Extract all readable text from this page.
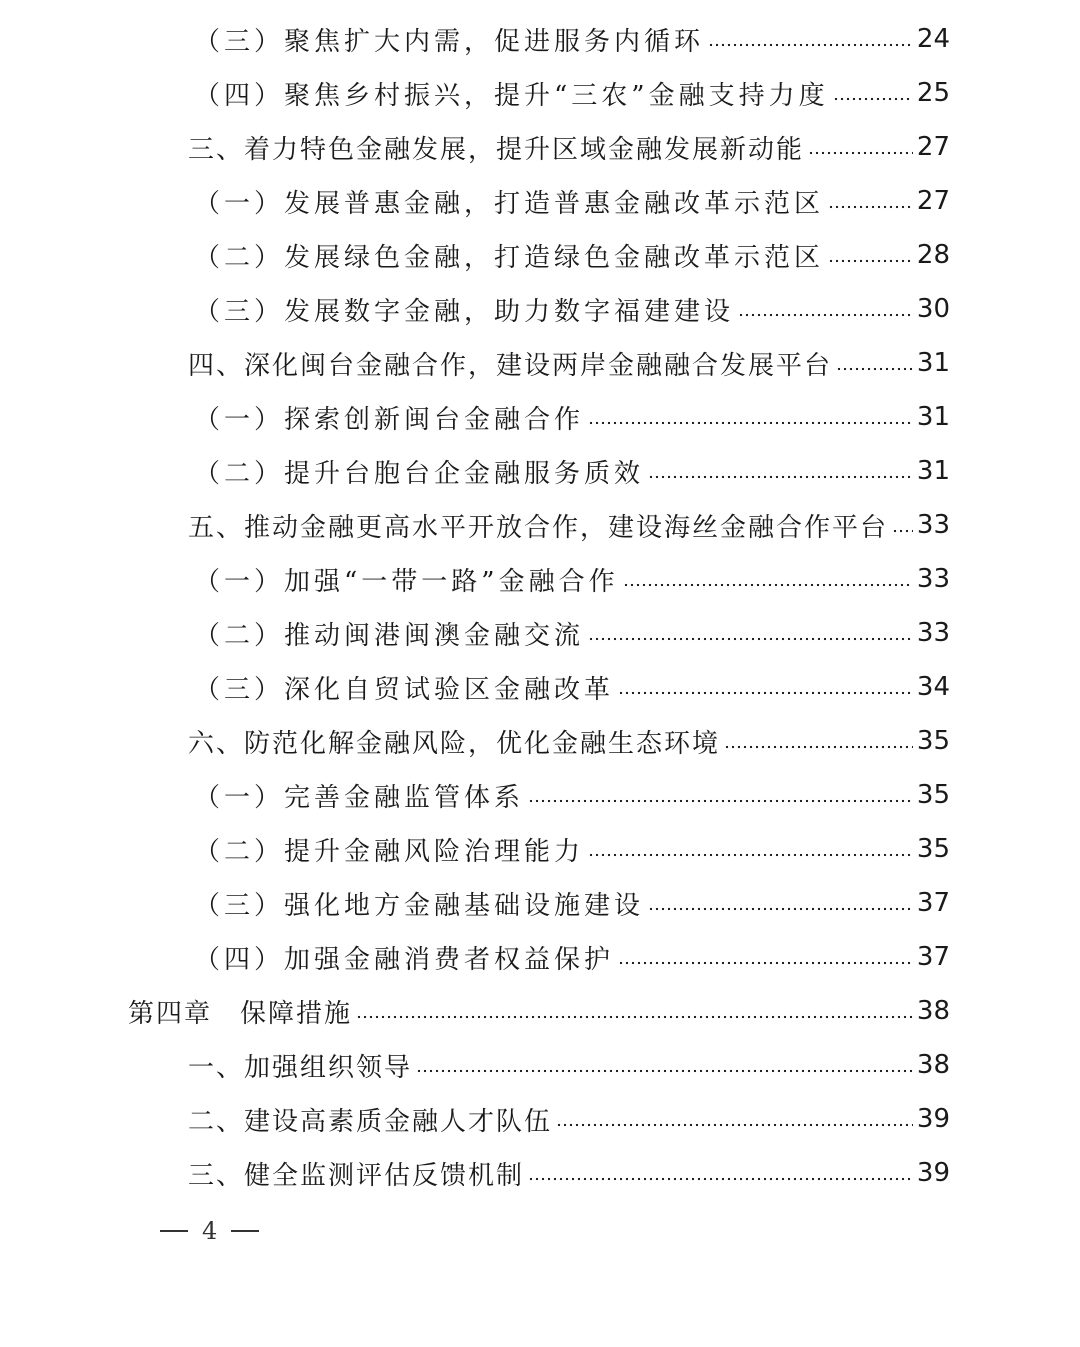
（三）聚焦扩大内需，促进服务内循环	24
（四）聚焦乡村振兴，提升“三农”金融支持力度	25
三、着力特色金融发展，提升区域金融发展新动能	27
（一）发展普惠金融，打造普惠金融改革示范区	27
（二）发展绿色金融，打造绿色金融改革示范区	28
（三）发展数字金融，助力数字福建建设	30
四、深化闽台金融合作，建设两岸金融融合发展平台	31
（一）探索创新闽台金融合作	31
（二）提升台胞台企金融服务质效	31
五、推动金融更高水平开放合作，建设海丝金融合作平台 33
（一）加强“一带一路”金融合作	33
（二）推动闽港闽澳金融交流	33
（三）深化自贸试验区金融改革	34
六、防范化解金融风险，优化金融生态环境	35
（一）完善金融监管体系	35
（二）提升金融风险治理能力	35
（三）强化地方金融基础设施建设	37
（四）加强金融消费者权益保护	37
第四章　保障措施	38
一、加强组织领导	38
二、建设高素质金融人才队伍	39
三、健全监测评估反馈机制	39
4
